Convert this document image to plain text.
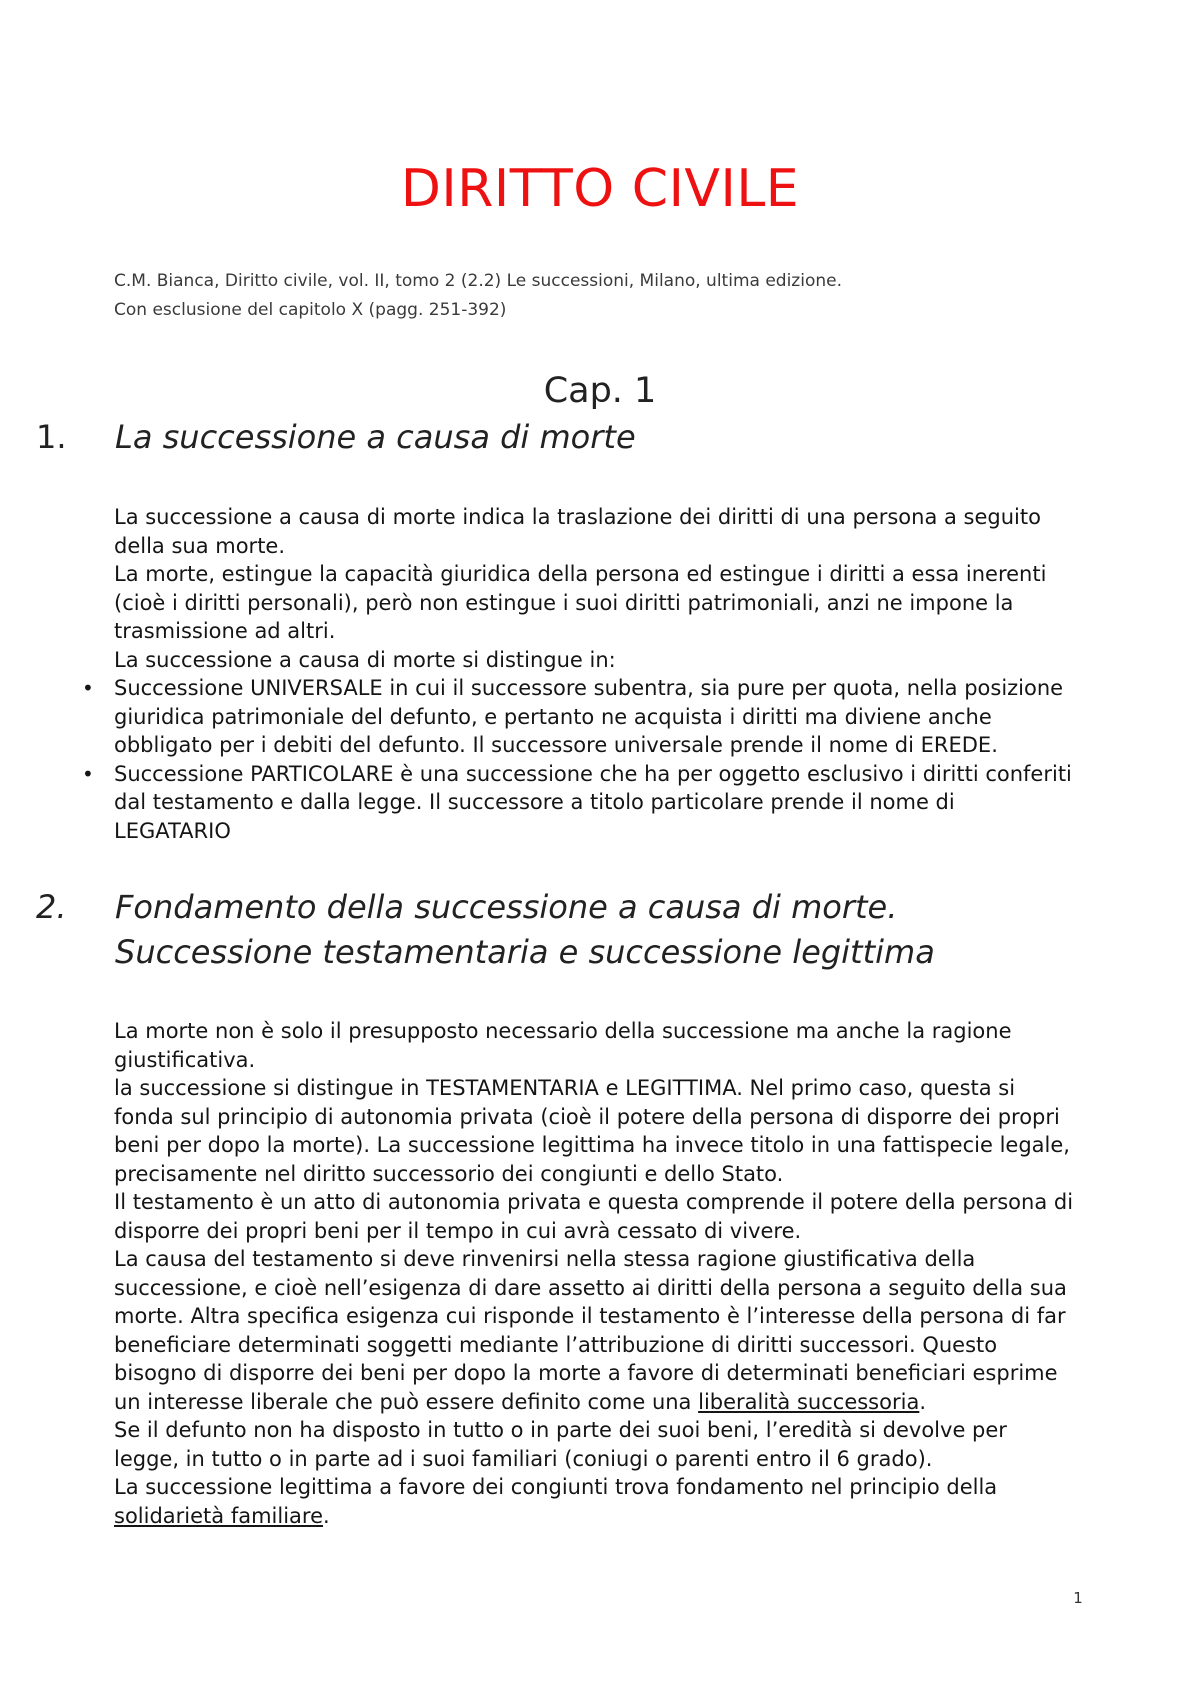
DIRITTO CIVILE
C.M. Bianca, Diritto civile, vol. II, tomo 2 (2.2) Le successioni, Milano, ultima edizione.
Con esclusione del capitolo X (pagg. 251-392)
Cap. 1
1. La successione a causa di morte
La successione a causa di morte indica la traslazione dei diritti di una persona a seguito
della sua morte.
La morte, estingue la capacità giuridica della persona ed estingue i diritti a essa inerenti
(cioè i diritti personali), però non estingue i suoi diritti patrimoniali, anzi ne impone la
trasmissione ad altri.
La successione a causa di morte si distingue in:
• Successione UNIVERSALE in cui il successore subentra, sia pure per quota, nella posizione
giuridica patrimoniale del defunto, e pertanto ne acquista i diritti ma diviene anche
obbligato per i debiti del defunto. Il successore universale prende il nome di EREDE.
• Successione PARTICOLARE è una successione che ha per oggetto esclusivo i diritti conferiti
dal testamento e dalla legge. Il successore a titolo particolare prende il nome di
LEGATARIO
2. Fondamento della successione a causa di morte.
Successione testamentaria e successione legittima
La morte non è solo il presupposto necessario della successione ma anche la ragione
giustificativa.
la successione si distingue in TESTAMENTARIA e LEGITTIMA. Nel primo caso, questa si
fonda sul principio di autonomia privata (cioè il potere della persona di disporre dei propri
beni per dopo la morte). La successione legittima ha invece titolo in una fattispecie legale,
precisamente nel diritto successorio dei congiunti e dello Stato.
Il testamento è un atto di autonomia privata e questa comprende il potere della persona di
disporre dei propri beni per il tempo in cui avrà cessato di vivere.
La causa del testamento si deve rinvenirsi nella stessa ragione giustificativa della
successione, e cioè nell’esigenza di dare assetto ai diritti della persona a seguito della sua
morte. Altra specifica esigenza cui risponde il testamento è l’interesse della persona di far
beneficiare determinati soggetti mediante l’attribuzione di diritti successori. Questo
bisogno di disporre dei beni per dopo la morte a favore di determinati beneficiari esprime
un interesse liberale che può essere definito come una liberalità successoria.
Se il defunto non ha disposto in tutto o in parte dei suoi beni, l’eredità si devolve per
legge, in tutto o in parte ad i suoi familiari (coniugi o parenti entro il 6 grado).
La successione legittima a favore dei congiunti trova fondamento nel principio della
solidarietà familiare.
1
